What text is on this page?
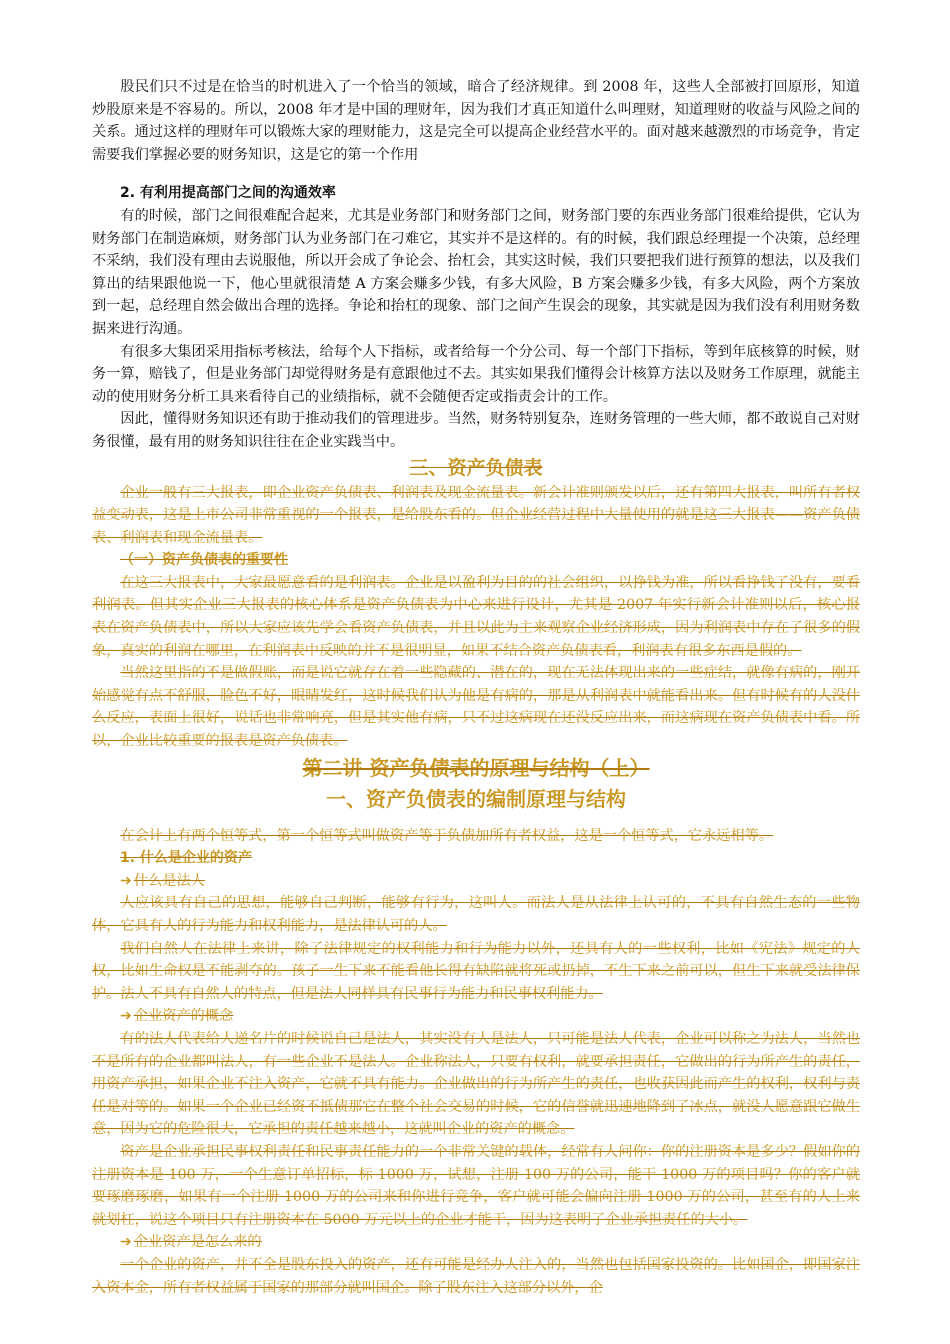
股民们只不过是在恰当的时机进入了一个恰当的领域，暗合了经济规律。到 2008 年，这些人全部被打回原形，知道炒股原来是不容易的。所以，2008 年才是中国的理财年，因为我们才真正知道什么叫理财，知道理财的收益与风险之间的关系。通过这样的理财年可以锻炼大家的理财能力，这是完全可以提高企业经营水平的。面对越来越激烈的市场竞争，肯定需要我们掌握必要的财务知识，这是它的第一个作用

2. 有利用提高部门之间的沟通效率

有的时候，部门之间很难配合起来，尤其是业务部门和财务部门之间，财务部门要的东西业务部门很难给提供，它认为财务部门在制造麻烦，财务部门认为业务部门在刁难它，其实并不是这样的。有的时候，我们跟总经理提一个决策，总经理不采纳，我们没有理由去说服他，所以开会成了争论会、抬杠会，其实这时候，我们只要把我们进行预算的想法，以及我们算出的结果跟他说一下，他心里就很清楚 A 方案会赚多少钱，有多大风险，B 方案会赚多少钱，有多大风险，两个方案放到一起，总经理自然会做出合理的选择。争论和抬杠的现象、部门之间产生误会的现象，其实就是因为我们没有利用财务数据来进行沟通。

有很多大集团采用指标考核法，给每个人下指标，或者给每一个分公司、每一个部门下指标，等到年底核算的时候，财务一算，赔钱了，但是业务部门却觉得财务是有意跟他过不去。其实如果我们懂得会计核算方法以及财务工作原理，就能主动的使用财务分析工具来看待自己的业绩指标，就不会随便否定或指责会计的工作。

因此，懂得财务知识还有助于推动我们的管理进步。当然，财务特别复杂，连财务管理的一些大师，都不敢说自己对财务很懂，最有用的财务知识往往在企业实践当中。

三、资产负债表

企业一般有三大报表，即企业资产负债表、利润表及现金流量表。新会计准则颁发以后，还有第四大报表，叫所有者权益变动表，这是上市公司非常重视的一个报表，是给股东看的。但企业经营过程中大量使用的就是这三大报表——资产负债表、利润表和现金流量表。

（一）资产负债表的重要性

在这三大报表中，大家最愿意看的是利润表。企业是以盈利为目的的社会组织，以挣钱为准，所以看挣钱了没有，要看利润表。但其实企业三大报表的核心体系是资产负债表为中心来进行设计，尤其是 2007 年实行新会计准则以后，核心报表在资产负债表中，所以大家应该先学会看资产负债表，并且以此为主来观察企业经济形成，因为利润表中存在了很多的假象，真实的利润在哪里，在利润表中反映的并不是很明显，如果不结合资产负债表看，利润表有很多东西是假的。

当然这里指的不是做假账，而是说它就存在着一些隐藏的、潜在的，现在无法体现出来的一些症结，就像有病的，刚开始感觉有点不舒服，脸色不好，眼睛发红，这时候我们认为他是有病的，那是从利润表中就能看出来。但有时候有的人没什么反应，表面上很好，说话也非常响亮，但是其实他有病，只不过这病现在还没反应出来，而这病现在资产负债表中看。所以，企业比较重要的报表是资产负债表。

第二讲 资产负债表的原理与结构（上）

一、资产负债表的编制原理与结构

在会计上有两个恒等式，第一个恒等式叫做资产等于负债加所有者权益，这是一个恒等式，它永远相等。

1. 什么是企业的资产

➔ 什么是法人

人应该具有自己的思想，能够自己判断，能够有行为，这叫人。而法人是从法律上认可的，不具有自然生态的一些物体，它具有人的行为能力和权利能力，是法律认可的人。

我们自然人在法律上来讲，除了法律规定的权利能力和行为能力以外，还具有人的一些权利，比如《宪法》规定的人权，比如生命权是不能剥夺的。孩子一生下来不能看他长得有缺陷就将死或扔掉，不生下来之前可以，但生下来就受法律保护。法人不具有自然人的特点，但是法人同样具有民事行为能力和民事权利能力。

➔ 企业资产的概念

有的法人代表给人递名片的时候说自己是法人，其实没有人是法人，只可能是法人代表，企业可以称之为法人，当然也不是所有的企业都叫法人，有一些企业不是法人。企业称法人，只要有权利，就要承担责任，它做出的行为所产生的责任，用资产承担，如果企业不注入资产，它就不具有能力。企业做出的行为所产生的责任，也收获因此而产生的权利，权利与责任是对等的。如果一个企业已经资不抵债那它在整个社会交易的时候，它的信誉就迅速地降到了冰点，就没人愿意跟它做生意，因为它的危险很大，它承担的责任越来越小，这就叫企业的资产的概念。

资产是企业承担民事权利责任和民事责任能力的一个非常关键的载体，经常有人问你：你的注册资本是多少？假如你的注册资本是 100 万，一个生意订单招标，标 1000 万，试想，注册 100 万的公司，能干 1000 万的项目吗？你的客户就要琢磨琢磨，如果有一个注册 1000 万的公司来和你进行竞争，客户就可能会偏向注册 1000 万的公司，甚至有的人上来就划杠，说这个项目只有注册资本在 5000 万元以上的企业才能干，因为这表明了企业承担责任的大小。

➔ 企业资产是怎么来的

一个企业的资产，并不全是股东投入的资产，还有可能是经办人注入的，当然也包括国家投资的。比如国企，即国家注入资本金，所有者权益属于国家的那部分就叫国企。除了股东注入这部分以外，企
